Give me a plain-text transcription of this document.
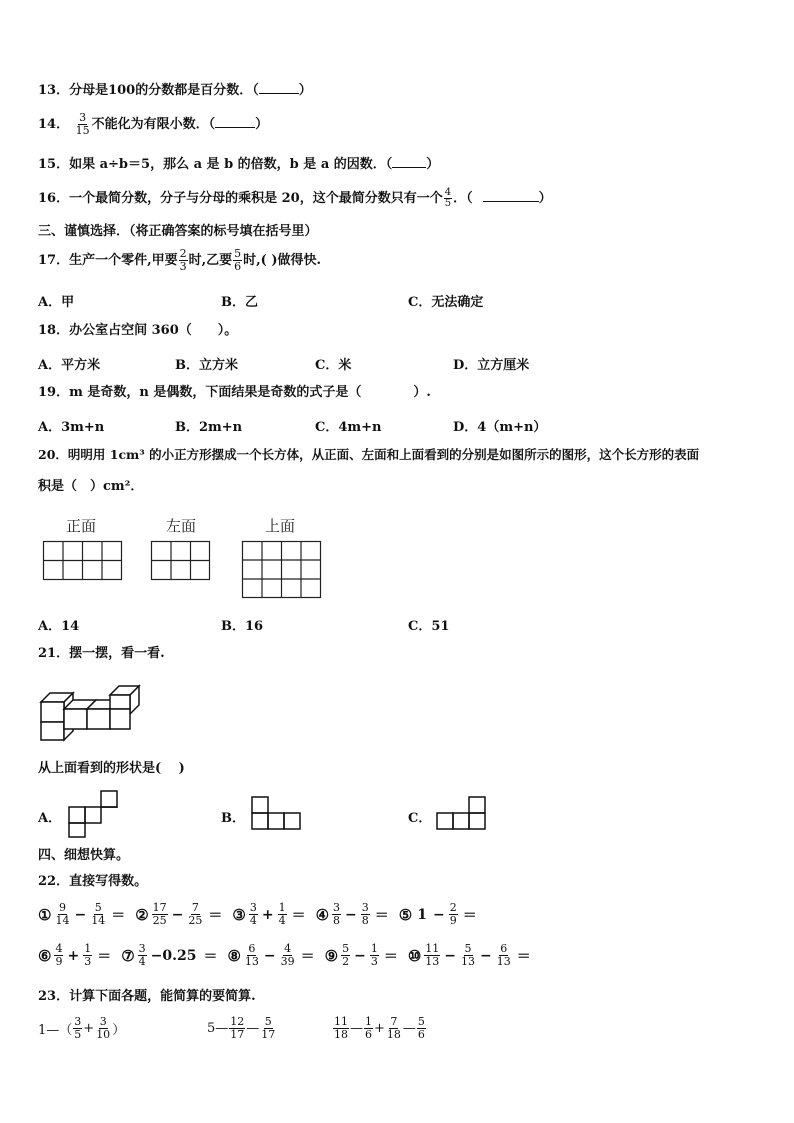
13．分母是100的分数都是百分数．（	）
14． $\frac{3}{15}$ 不能化为有限小数．（	）
15．如果 a÷b＝5，那么 a 是 b 的倍数，b 是 a 的因数．（	）
16．一个最简分数，分子与分母的乘积是 20，这个最简分数只有一个 $\frac{4}{5}$ ．（	）
三、谨慎选择．（将正确答案的标号填在括号里）
17．生产一个零件,甲要 $\frac{2}{3}$ 时,乙要 $\frac{5}{6}$ 时,( )做得快.
A．甲	B．乙	C．无法确定
18．办公室占空间 360（　　）。
A．平方米	B．立方米	C．米	D．立方厘米
19．m 是奇数，n 是偶数，下面结果是奇数的式子是（　　　　）.
A．3m+n	B．2m+n	C．4m+n	D．4（m+n）
20．明明用 1cm³ 的小正方形摆成一个长方体，从正面、左面和上面看到的分别是如图所示的图形，这个长方形的表面
积是（　）cm²．
正面	左面	上面
A．14	B．16	C．51
21．摆一摆，看一看.
从上面看到的形状是(　 )
A．	B．	C．
四、细想快算。
22．直接写得数。
① $\frac{9}{14} - \frac{5}{14}$ ＝ ② $\frac{17}{25} - \frac{7}{25}$ ＝ ③ $\frac{3}{4} + \frac{1}{4}$ ＝ ④ $\frac{3}{8} - \frac{3}{8}$ ＝ ⑤ $1 - \frac{2}{9}$ ＝
⑥ $\frac{4}{9} + \frac{1}{3}$ ＝ ⑦ $\frac{3}{4} -0.25$ ＝ ⑧ $\frac{6}{13} - \frac{4}{39}$ ＝ ⑨ $\frac{5}{2} - \frac{1}{3}$ ＝ ⑩ $\frac{11}{13} - \frac{5}{13} - \frac{6}{13}$ ＝
23．计算下面各题，能简算的要简算.
1—（ $\frac{3}{5} + \frac{3}{10}$ ）	5— $\frac{12}{17}$ — $\frac{5}{17}$	$\frac{11}{18}$ — $\frac{1}{6} + \frac{7}{18}$ — $\frac{5}{6}$
